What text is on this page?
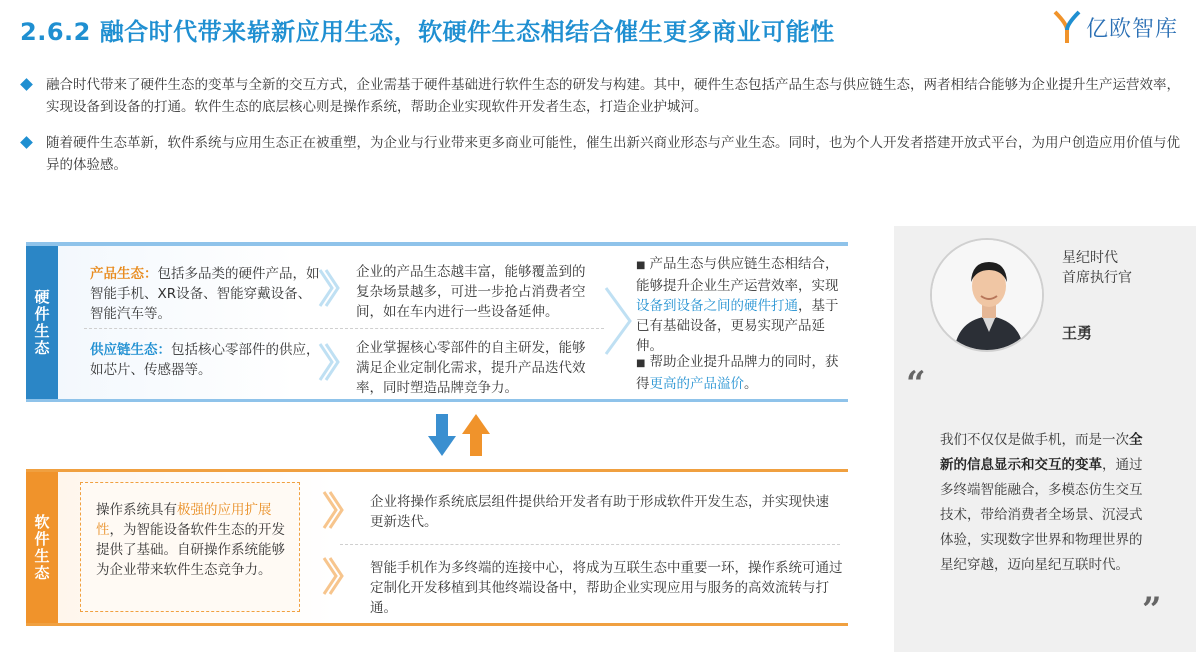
2.6.2 融合时代带来崭新应用生态，软硬件生态相结合催生更多商业可能性	亿欧智库
融合时代带来了硬件生态的变革与全新的交互方式，企业需基于硬件基础进行软件生态的研发与构建。其中，硬件生态包括产品生态与供应链生态，两者相结合能够为企业提升生产运营效率，实现设备到设备的打通。软件生态的底层核心则是操作系统，帮助企业实现软件开发者生态，打造企业护城河。
随着硬件生态革新，软件系统与应用生态正在被重塑，为企业与行业带来更多商业可能性，催生出新兴商业形态与产业生态。同时，也为个人开发者搭建开放式平台，为用户创造应用价值与优异的体验感。
硬件生态
产品生态：包括多品类的硬件产品，如智能手机、XR设备、智能穿戴设备、智能汽车等。
供应链生态：包括核心零部件的供应，如芯片、传感器等。
企业的产品生态越丰富，能够覆盖到的复杂场景越多，可进一步抢占消费者空间，如在车内进行一些设备延伸。
企业掌握核心零部件的自主研发，能够满足企业定制化需求，提升产品迭代效率，同时塑造品牌竞争力。
■ 产品生态与供应链生态相结合，能够提升企业生产运营效率，实现设备到设备之间的硬件打通，基于已有基础设备，更易实现产品延伸。
■ 帮助企业提升品牌力的同时，获得更高的产品溢价。
软件生态
操作系统具有极强的应用扩展性，为智能设备软件生态的开发提供了基础。自研操作系统能够为企业带来软件生态竞争力。
企业将操作系统底层组件提供给开发者有助于形成软件开发生态，并实现快速更新迭代。
智能手机作为多终端的连接中心，将成为互联生态中重要一环，操作系统可通过定制化开发移植到其他终端设备中，帮助企业实现应用与服务的高效流转与打通。
星纪时代
首席执行官
王勇
“
我们不仅仅是做手机，而是一次全新的信息显示和交互的变革，通过多终端智能融合，多模态仿生交互技术，带给消费者全场景、沉浸式体验，实现数字世界和物理世界的星纪穿越，迈向星纪互联时代。
”
